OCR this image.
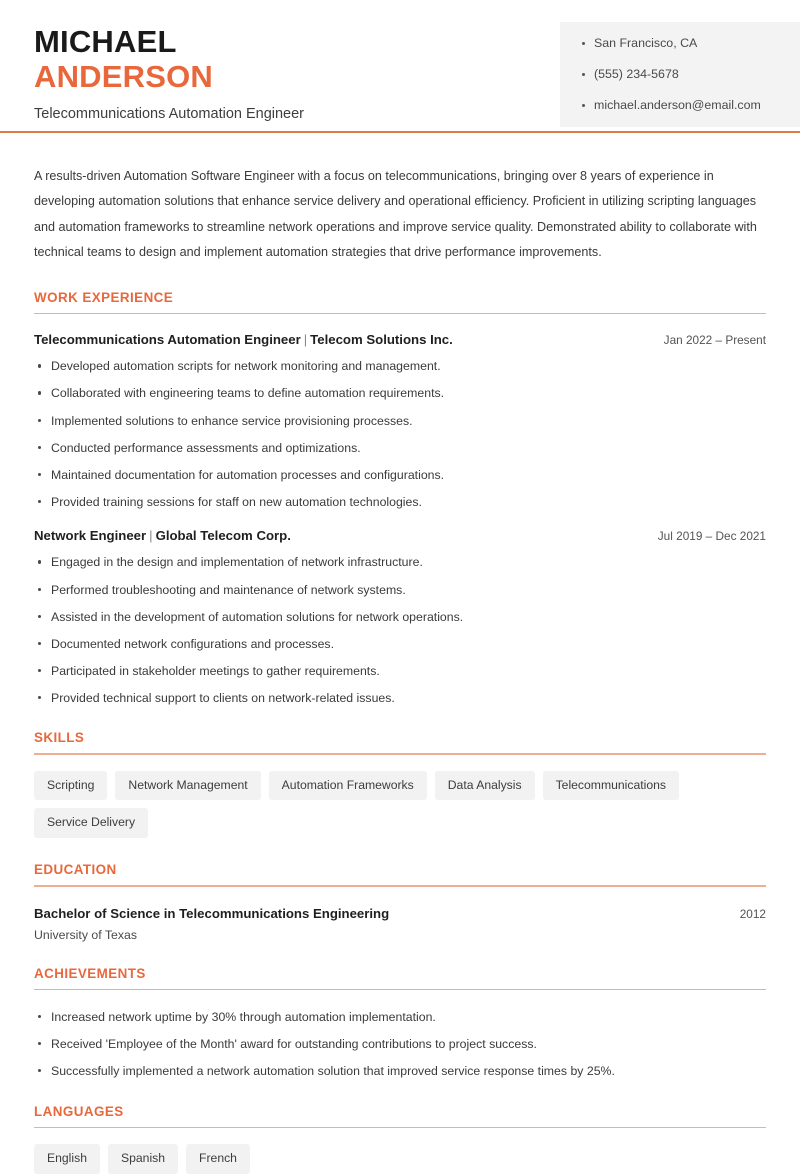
MICHAEL
ANDERSON
Telecommunications Automation Engineer
San Francisco, CA
(555) 234-5678
michael.anderson@email.com

A results-driven Automation Software Engineer with a focus on telecommunications, bringing over 8 years of experience in developing automation solutions that enhance service delivery and operational efficiency. Proficient in utilizing scripting languages and automation frameworks to streamline network operations and improve service quality. Demonstrated ability to collaborate with technical teams to design and implement automation strategies that drive performance improvements.

WORK EXPERIENCE
Telecommunications Automation Engineer | Telecom Solutions Inc.	Jan 2022 – Present
Developed automation scripts for network monitoring and management.
Collaborated with engineering teams to define automation requirements.
Implemented solutions to enhance service provisioning processes.
Conducted performance assessments and optimizations.
Maintained documentation for automation processes and configurations.
Provided training sessions for staff on new automation technologies.
Network Engineer | Global Telecom Corp.	Jul 2019 – Dec 2021
Engaged in the design and implementation of network infrastructure.
Performed troubleshooting and maintenance of network systems.
Assisted in the development of automation solutions for network operations.
Documented network configurations and processes.
Participated in stakeholder meetings to gather requirements.
Provided technical support to clients on network-related issues.
SKILLS
Scripting	Network Management	Automation Frameworks	Data Analysis	Telecommunications
Service Delivery
EDUCATION
Bachelor of Science in Telecommunications Engineering	2012
University of Texas
ACHIEVEMENTS
Increased network uptime by 30% through automation implementation.
Received 'Employee of the Month' award for outstanding contributions to project success.
Successfully implemented a network automation solution that improved service response times by 25%.
LANGUAGES
English	Spanish	French
